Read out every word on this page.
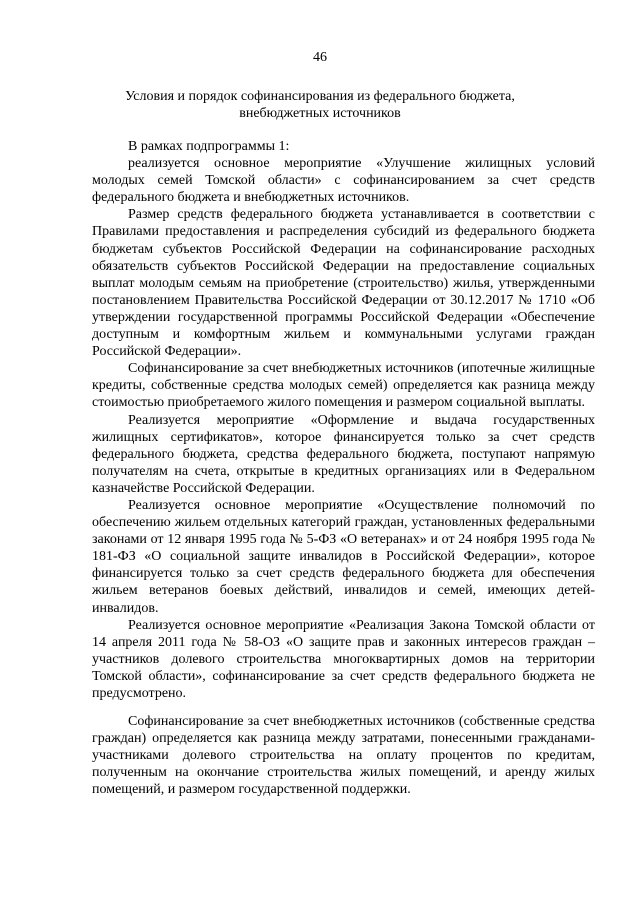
46
Условия и порядок софинансирования из федерального бюджета,
внебюджетных источников

В рамках подпрограммы 1:

реализуется основное мероприятие «Улучшение жилищных условий молодых семей Томской области» с софинансированием за счет средств федерального бюджета и внебюджетных источников.

Размер средств федерального бюджета устанавливается в соответствии с Правилами предоставления и распределения субсидий из федерального бюджета бюджетам субъектов Российской Федерации на софинансирование расходных обязательств субъектов Российской Федерации на предоставление социальных выплат молодым семьям на приобретение (строительство) жилья, утвержденными постановлением Правительства Российской Федерации от 30.12.2017 № 1710 «Об утверждении государственной программы Российской Федерации «Обеспечение доступным и комфортным жильем и коммунальными услугами граждан Российской Федерации».

Софинансирование за счет внебюджетных источников (ипотечные жилищные кредиты, собственные средства молодых семей) определяется как разница между стоимостью приобретаемого жилого помещения и размером социальной выплаты.

Реализуется мероприятие «Оформление и выдача государственных жилищных сертификатов», которое финансируется только за счет средств федерального бюджета, средства федерального бюджета, поступают напрямую получателям на счета, открытые в кредитных организациях или в Федеральном казначействе Российской Федерации.

Реализуется основное мероприятие «Осуществление полномочий по обеспечению жильем отдельных категорий граждан, установленных федеральными законами от 12 января 1995 года № 5-ФЗ «О ветеранах» и от 24 ноября 1995 года № 181-ФЗ «О социальной защите инвалидов в Российской Федерации», которое финансируется только за счет средств федерального бюджета для обеспечения жильем ветеранов боевых действий, инвалидов и семей, имеющих детей-инвалидов.

Реализуется основное мероприятие «Реализация Закона Томской области от 14 апреля 2011 года № 58-ОЗ «О защите прав и законных интересов граждан – участников долевого строительства многоквартирных домов на территории Томской области», софинансирование за счет средств федерального бюджета не предусмотрено.

Софинансирование за счет внебюджетных источников (собственные средства граждан) определяется как разница между затратами, понесенными гражданами-участниками долевого строительства на оплату процентов по кредитам, полученным на окончание строительства жилых помещений, и аренду жилых помещений, и размером государственной поддержки.
